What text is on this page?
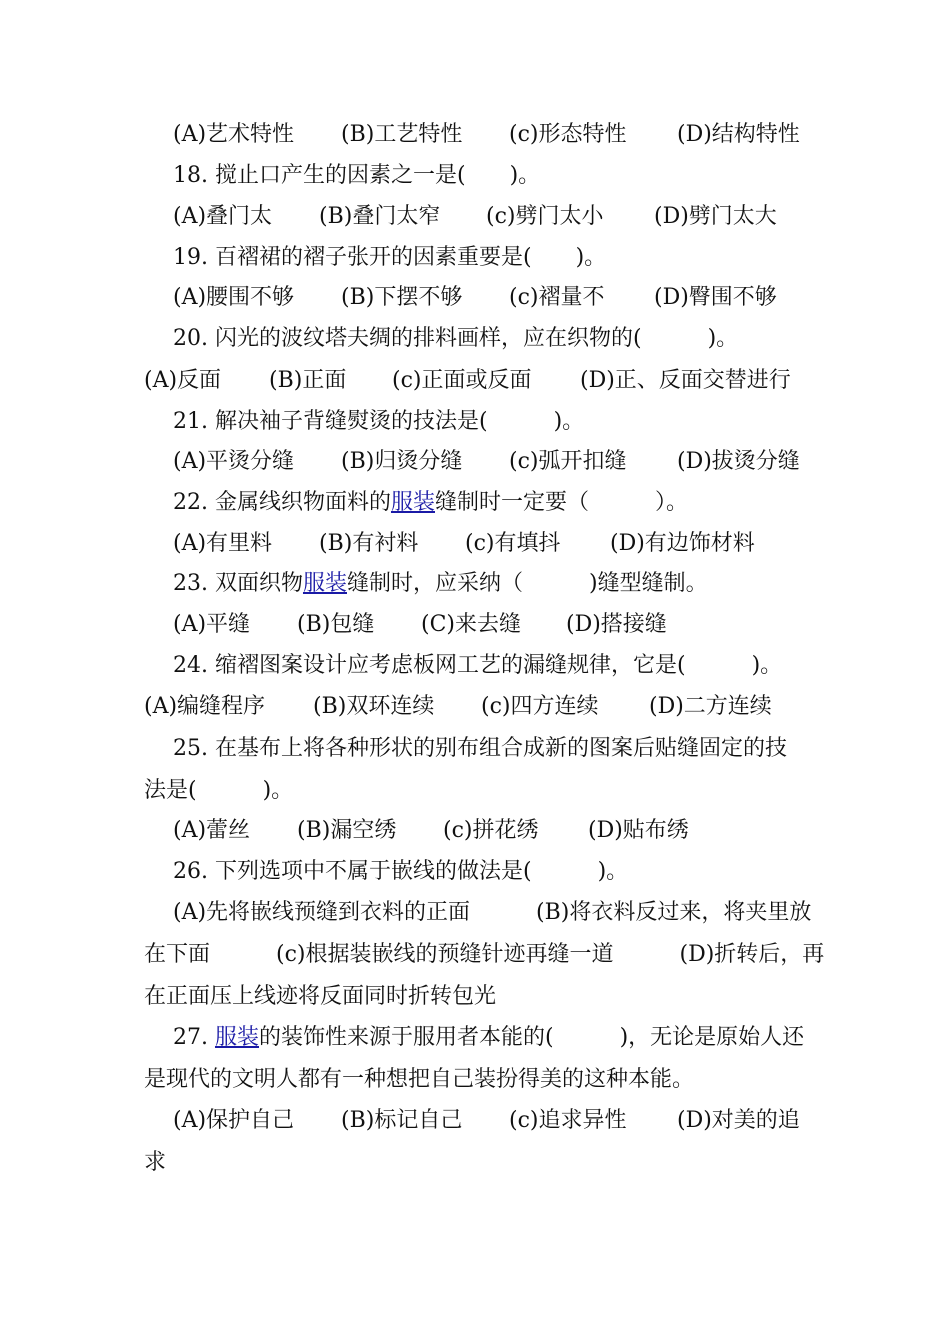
(A)艺术特性

(B)工艺特性

(c)形态特性

(D)结构特性

18. 搅止口产生的因素之一是(　　)。

(A)叠门太

(B)叠门太窄

(c)劈门太小

(D)劈门太大

19. 百褶裙的褶子张开的因素重要是(　　)。

(A)腰围不够

(B)下摆不够

(c)褶量不

(D)臀围不够

20. 闪光的波纹塔夫绸的排料画样，应在织物的(　　　)。

(A)反面

(B)正面

(c)正面或反面

(D)正、反面交替进行

21. 解决袖子背缝熨烫的技法是(　　　)。

(A)平烫分缝

(B)归烫分缝

(c)弧开扣缝

(D)拔烫分缝

22. 金属线织物面料的服装缝制时一定要（　　　）。

(A)有里料

(B)有衬料

(c)有填抖

(D)有边饰材料

23. 双面织物服装缝制时，应采纳（　　　)缝型缝制。

(A)平缝

(B)包缝

(C)来去缝

(D)搭接缝

24. 缩褶图案设计应考虑板网工艺的漏缝规律，它是(　　　)。

(A)编缝程序

(B)双环连续

(c)四方连续

(D)二方连续

25. 在基布上将各种形状的别布组合成新的图案后贴缝固定的技
法是(　　　)。

(A)蕾丝

(B)漏空绣

(c)拼花绣

(D)贴布绣

26. 下列选项中不属于嵌线的做法是(　　　)。
(A)先将嵌线预缝到衣料的正面　　　(B)将衣料反过来，将夹里放
在下面　　　(c)根据装嵌线的预缝针迹再缝一道　　　(D)折转后，再
在正面压上线迹将反面同时折转包光
27. 服装的装饰性来源于服用者本能的(　　　)，无论是原始人还
是现代的文明人都有一种想把自己装扮得美的这种本能。

(A)保护自己

(B)标记自己

(c)追求异性

(D)对美的追

求
